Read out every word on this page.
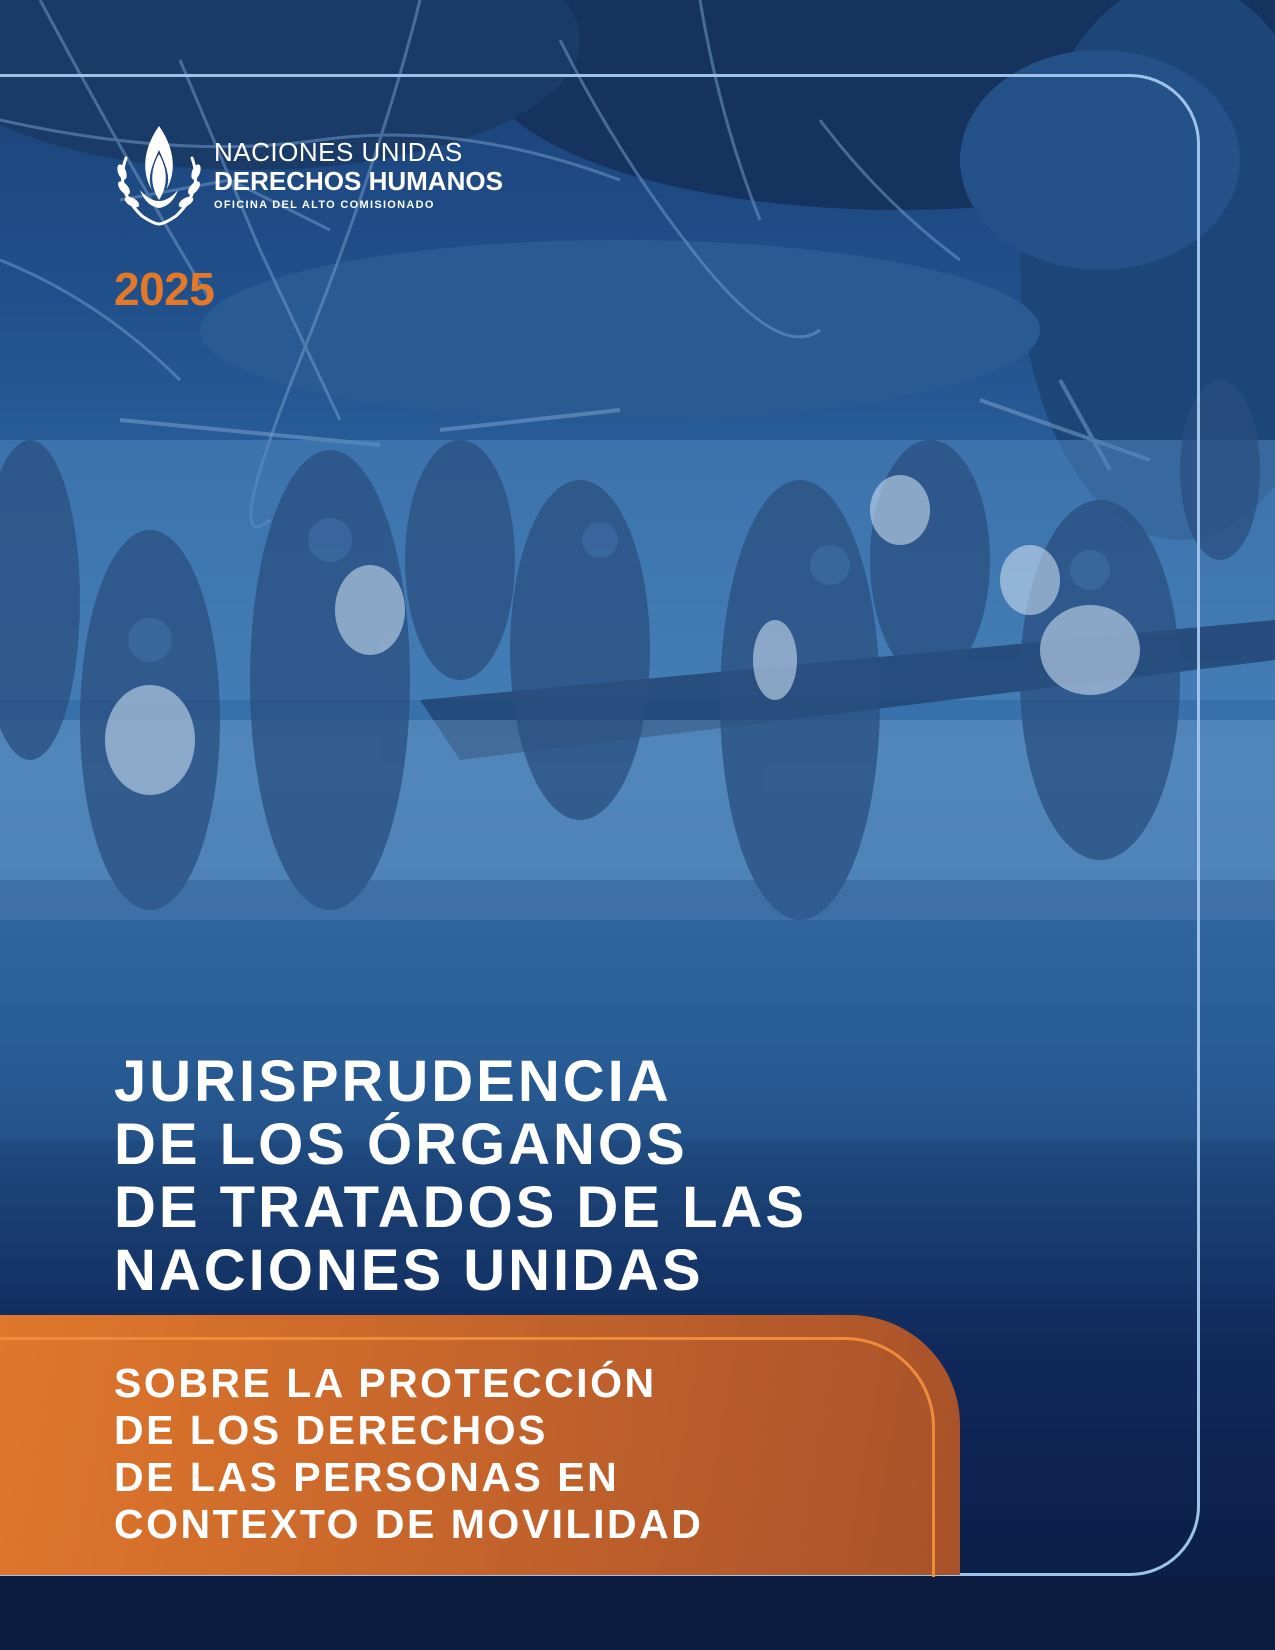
NACIONES UNIDAS
DERECHOS HUMANOS
OFICINA DEL ALTO COMISIONADO
2025
JURISPRUDENCIA
DE LOS ÓRGANOS
DE TRATADOS DE LAS
NACIONES UNIDAS
SOBRE LA PROTECCIÓN
DE LOS DERECHOS
DE LAS PERSONAS EN
CONTEXTO DE MOVILIDAD
